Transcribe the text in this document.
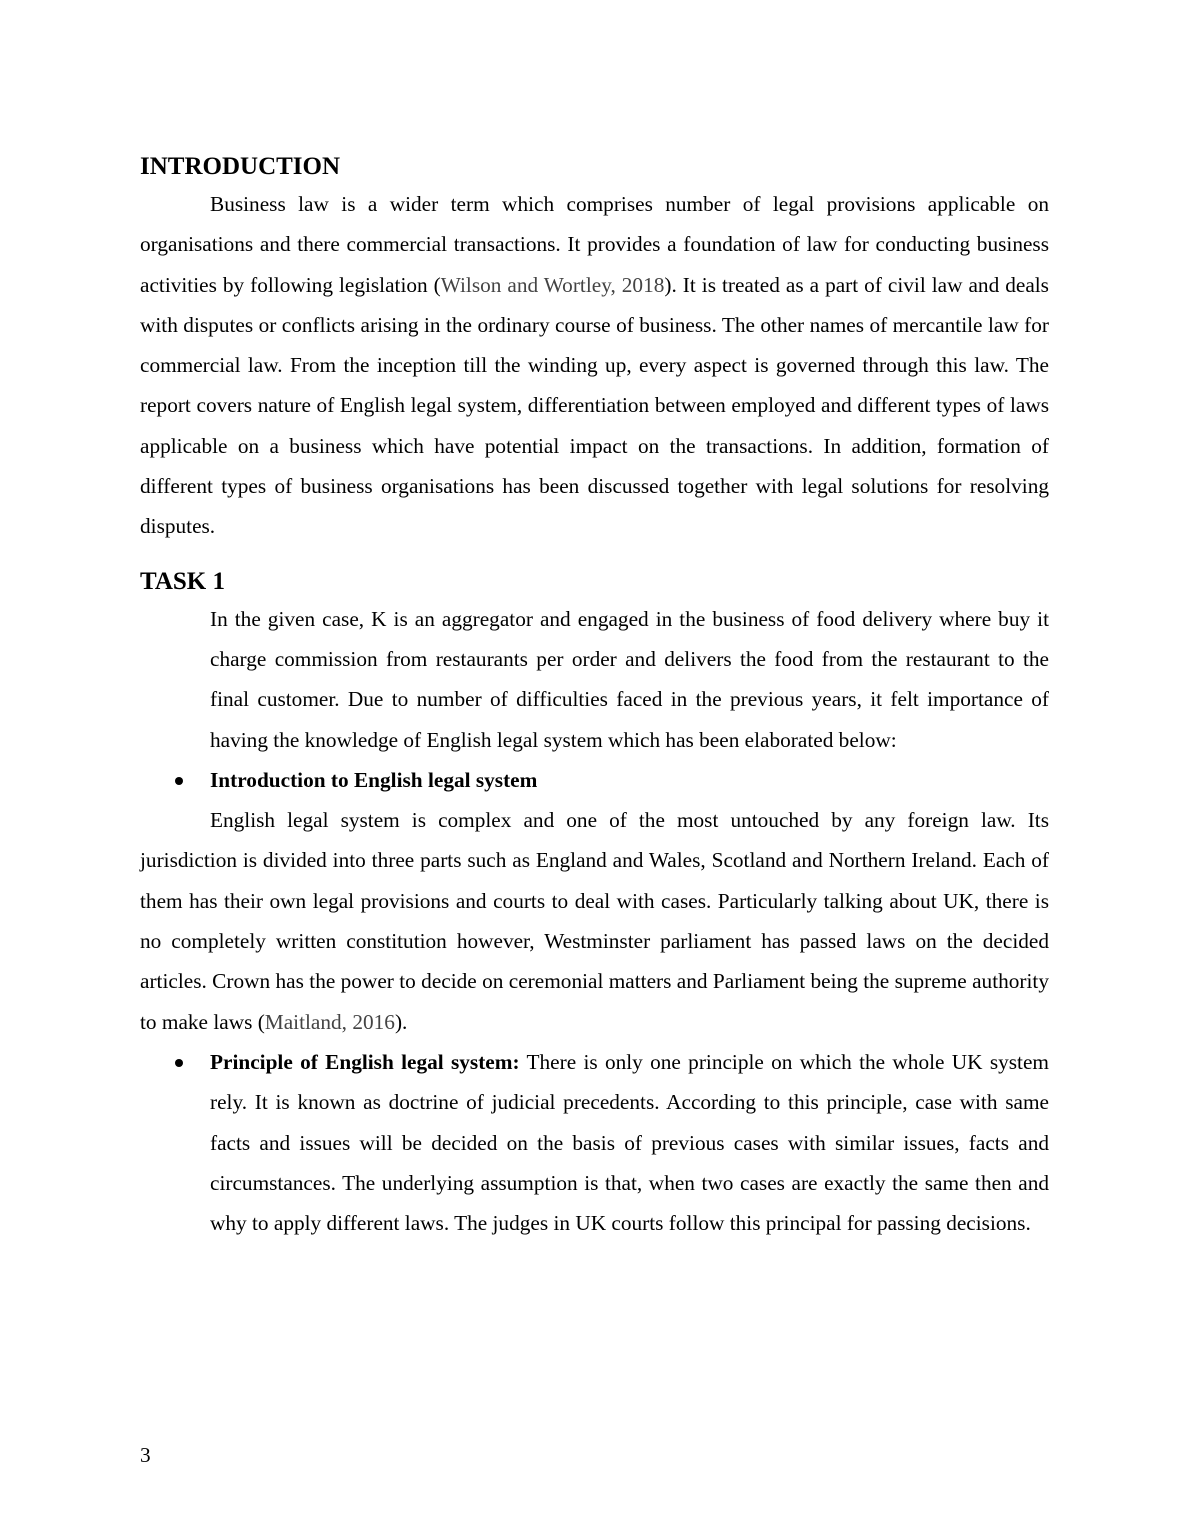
INTRODUCTION

Business law is a wider term which comprises number of legal provisions applicable on organisations and there commercial transactions. It provides a foundation of law for conducting business activities by following legislation (Wilson and Wortley, 2018). It is treated as a part of civil law and deals with disputes or conflicts arising in the ordinary course of business. The other names of mercantile law for commercial law. From the inception till the winding up, every aspect is governed through this law. The report covers nature of English legal system, differentiation between employed and different types of laws applicable on a business which have potential impact on the transactions. In addition, formation of different types of business organisations has been discussed together with legal solutions for resolving disputes.

TASK 1

In the given case, K is an aggregator and engaged in the business of food delivery where buy it charge commission from restaurants per order and delivers the food from the restaurant to the final customer. Due to number of difficulties faced in the previous years, it felt importance of having the knowledge of English legal system which has been elaborated below:

Introduction to English legal system

English legal system is complex and one of the most untouched by any foreign law. Its jurisdiction is divided into three parts such as England and Wales, Scotland and Northern Ireland. Each of them has their own legal provisions and courts to deal with cases. Particularly talking about UK, there is no completely written constitution however, Westminster parliament has passed laws on the decided articles. Crown has the power to decide on ceremonial matters and Parliament being the supreme authority to make laws (Maitland, 2016).

Principle of English legal system: There is only one principle on which the whole UK system rely. It is known as doctrine of judicial precedents. According to this principle, case with same facts and issues will be decided on the basis of previous cases with similar issues, facts and circumstances. The underlying assumption is that, when two cases are exactly the same then and why to apply different laws. The judges in UK courts follow this principal for passing decisions.
3
